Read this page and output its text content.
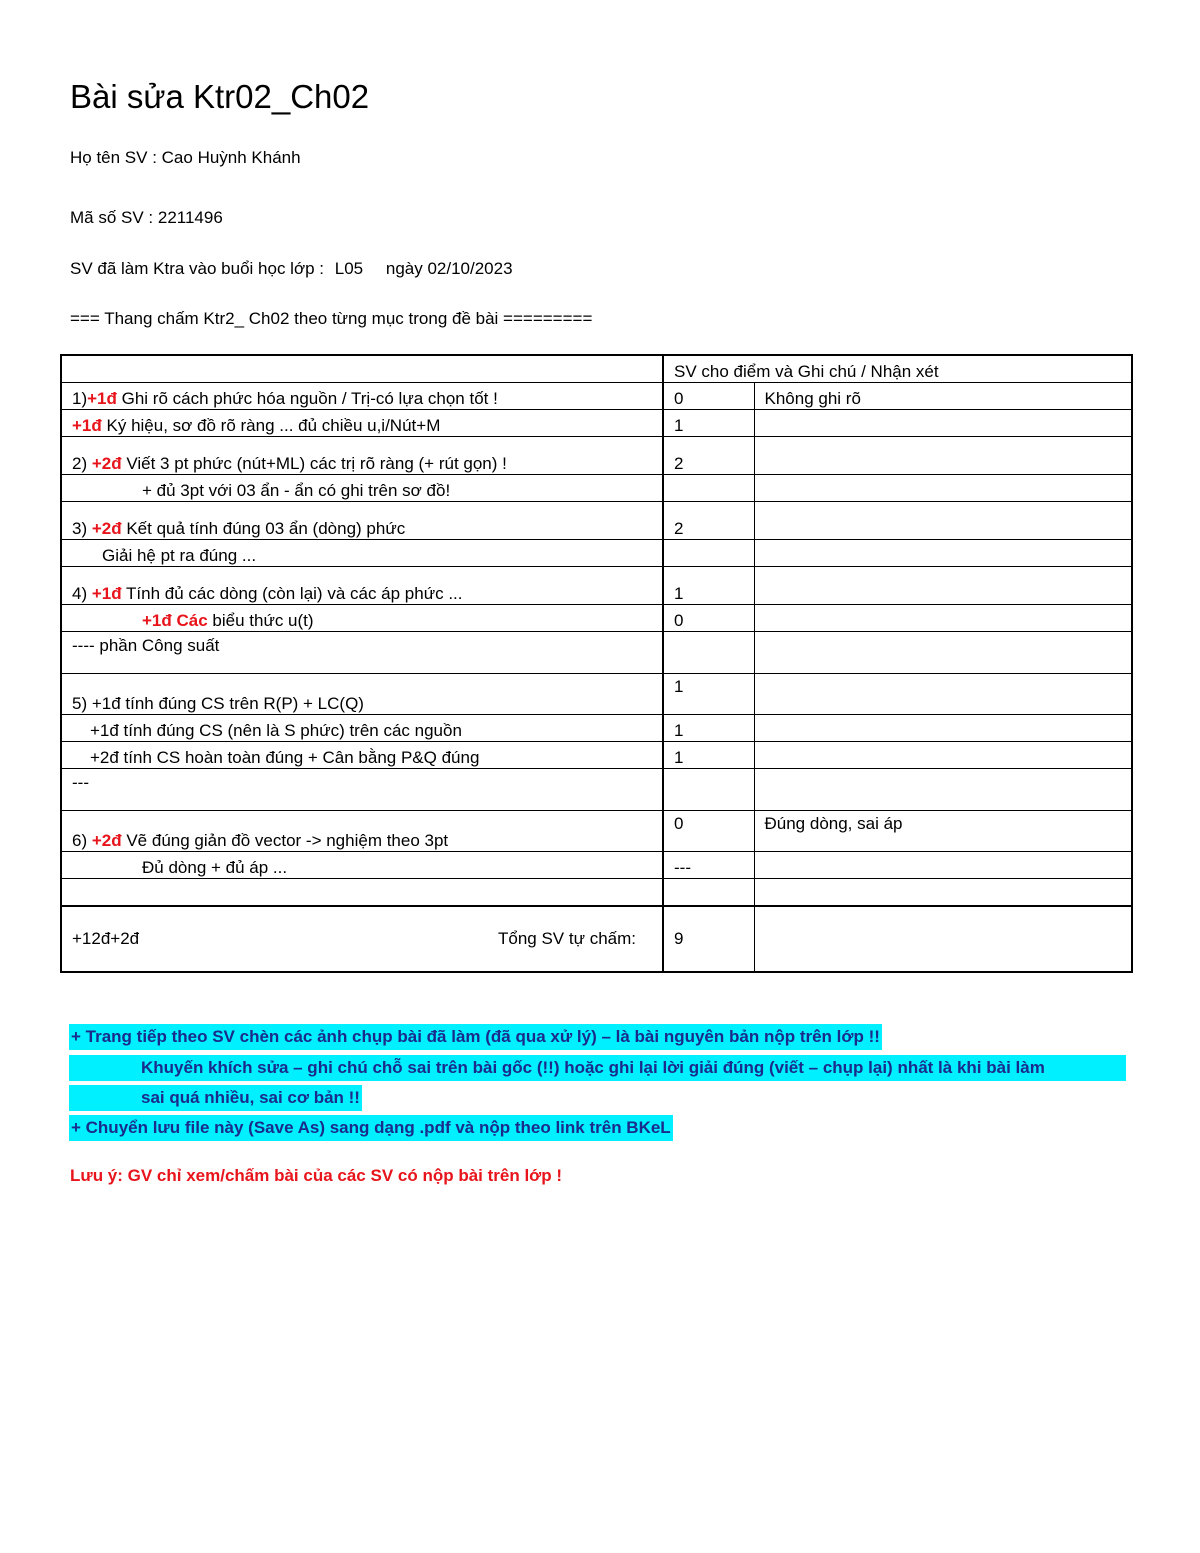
Bài sửa Ktr02_Ch02
Họ tên SV : Cao Huỳnh Khánh
Mã số SV : 2211496
SV đã làm Ktra vào buổi học lớp : L05 ngày 02/10/2023
=== Thang chấm Ktr2_ Ch02 theo từng mục trong đề bài =========
	SV cho điểm và Ghi chú / Nhận xét	
1)+1đ Ghi rõ cách phức hóa nguồn / Trị-có lựa chọn tốt !	0	Không ghi rõ
+1đ Ký hiệu, sơ đồ rõ ràng ... đủ chiều u,i/Nút+M	1	
2) +2đ Viết 3 pt phức (nút+ML) các trị rõ ràng (+ rút gọn) !	2	
+ đủ 3pt với 03 ẩn - ẩn có ghi trên sơ đồ!		
3) +2đ Kết quả tính đúng 03 ẩn (dòng) phức	2	
Giải hệ pt ra đúng ...		
4) +1đ Tính đủ các dòng (còn lại) và các áp phức ...	1	
+1đ Các biểu thức u(t)	0	
---- phần Công suất		
5) +1đ tính đúng CS trên R(P) + LC(Q)	1	
+1đ tính đúng CS (nên là S phức) trên các nguồn	1	
+2đ tính CS hoàn toàn đúng + Cân bằng P&Q đúng	1	
---		
6) +2đ Vẽ đúng giản đồ vector -> nghiệm theo 3pt	0	Đúng dòng, sai áp
Đủ dòng + đủ áp ...	---	

+12đ+2đ Tổng SV tự chấm:	9	
+ Trang tiếp theo SV chèn các ảnh chụp bài đã làm (đã qua xử lý) – là bài nguyên bản nộp trên lớp !!
Khuyến khích sửa – ghi chú chỗ sai trên bài gốc (!!) hoặc ghi lại lời giải đúng (viết – chụp lại) nhất là khi bài làm
sai quá nhiều, sai cơ bản !!
+ Chuyển lưu file này (Save As) sang dạng .pdf và nộp theo link trên BKeL
Lưu ý: GV chỉ xem/chấm bài của các SV có nộp bài trên lớp !
